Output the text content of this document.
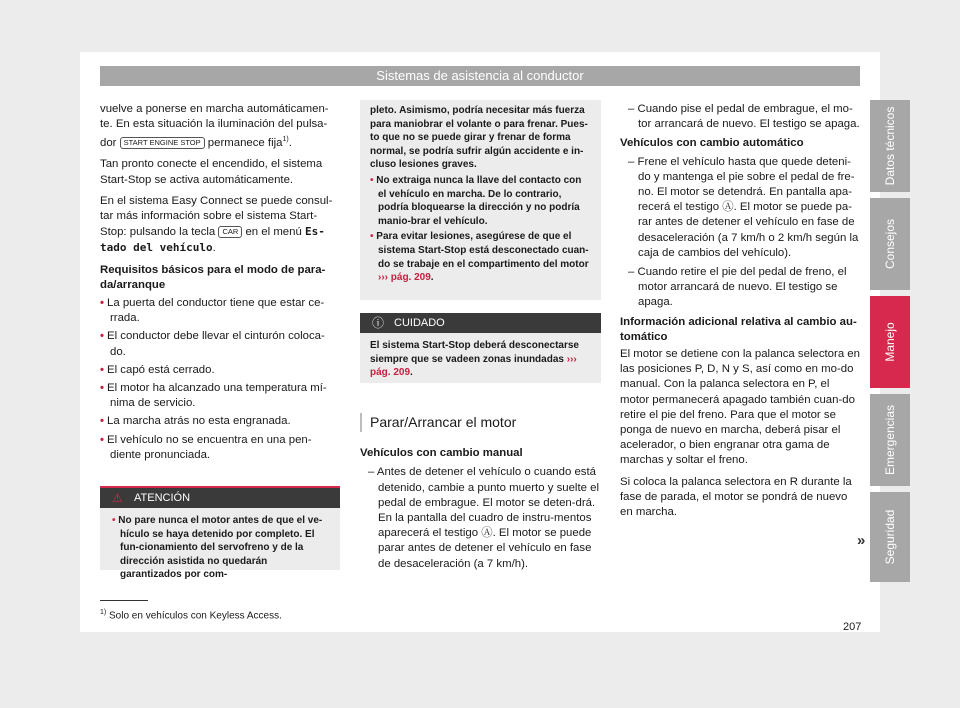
Sistemas de asistencia al conductor

vuelve a ponerse en marcha automáticamen-te. En esta situación la iluminación del pulsa-dor START ENGINE STOP permanece fija$^{1)}$.

Tan pronto conecte el encendido, el sistema Start-Stop se activa automáticamente.

En el sistema Easy Connect se puede consul-tar más información sobre el sistema Start-Stop: pulsando la tecla CAR en el menú Es-tado del vehículo.

Requisitos básicos para el modo de para-da/arranque

• La puerta del conductor tiene que estar ce-rrada.

• El conductor debe llevar el cinturón coloca-do.

• El capó está cerrado.

• El motor ha alcanzado una temperatura mí-nima de servicio.

• La marcha atrás no esta engranada.

• El vehículo no se encuentra en una pen-diente pronunciada.

⚠ ATENCIÓN

• No pare nunca el motor antes de que el ve-hículo se haya detenido por completo. El fun-cionamiento del servofreno y de la dirección asistida no quedarán garantizados por com-

pleto. Asimismo, podría necesitar más fuerza para maniobrar el volante o para frenar. Pues-to que no se puede girar y frenar de forma normal, se podría sufrir algún accidente e in-cluso lesiones graves.

• No extraiga nunca la llave del contacto con el vehículo en marcha. De lo contrario, podría bloquearse la dirección y no podría manio-brar el vehículo.

• Para evitar lesiones, asegúrese de que el sistema Start-Stop está desconectado cuan-do se trabaje en el compartimento del motor ››› pág. 209.

ⓘ CUIDADO

El sistema Start-Stop deberá desconectarse siempre que se vadeen zonas inundadas ››› pág. 209.

Parar/Arrancar el motor

Vehículos con cambio manual

– Antes de detener el vehículo o cuando está detenido, cambie a punto muerto y suelte el pedal de embrague. El motor se deten-drá. En la pantalla del cuadro de instru-mentos aparecerá el testigo Ⓐ. El motor se puede parar antes de detener el vehículo en fase de desaceleración (a 7 km/h).

– Cuando pise el pedal de embrague, el mo-tor arrancará de nuevo. El testigo se apaga.

Vehículos con cambio automático

– Frene el vehículo hasta que quede deteni-do y mantenga el pie sobre el pedal de fre-no. El motor se detendrá. En pantalla apa-recerá el testigo Ⓐ. El motor se puede pa-rar antes de detener el vehículo en fase de desaceleración (a 7 km/h o 2 km/h según la caja de cambios del vehículo).

– Cuando retire el pie del pedal de freno, el motor arrancará de nuevo. El testigo se apaga.

Información adicional relativa al cambio au-tomático

El motor se detiene con la palanca selectora en las posiciones P, D, N y S, así como en mo-do manual. Con la palanca selectora en P, el motor permanecerá apagado también cuan-do retire el pie del freno. Para que el motor se ponga de nuevo en marcha, deberá pisar el acelerador, o bien engranar otra gama de marchas y soltar el freno.

Si coloca la palanca selectora en R durante la fase de parada, el motor se pondrá de nuevo en marcha.

»
Datos técnicos
Consejos
Manejo
Emergencias
Seguridad
$^{1)}$ Solo en vehículos con Keyless Access.
207
